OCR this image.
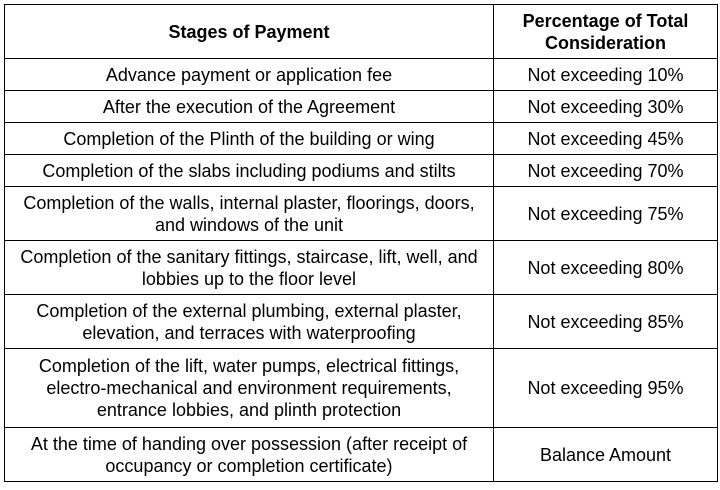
Stages of Payment	Percentage of Total Consideration
Advance payment or application fee	Not exceeding 10%
After the execution of the Agreement	Not exceeding 30%
Completion of the Plinth of the building or wing	Not exceeding 45%
Completion of the slabs including podiums and stilts	Not exceeding 70%
Completion of the walls, internal plaster, floorings, doors, and windows of the unit	Not exceeding 75%
Completion of the sanitary fittings, staircase, lift, well, and lobbies up to the floor level	Not exceeding 80%
Completion of the external plumbing, external plaster, elevation, and terraces with waterproofing	Not exceeding 85%
Completion of the lift, water pumps, electrical fittings, electro-mechanical and environment requirements, entrance lobbies, and plinth protection	Not exceeding 95%
At the time of handing over possession (after receipt of occupancy or completion certificate)	Balance Amount
